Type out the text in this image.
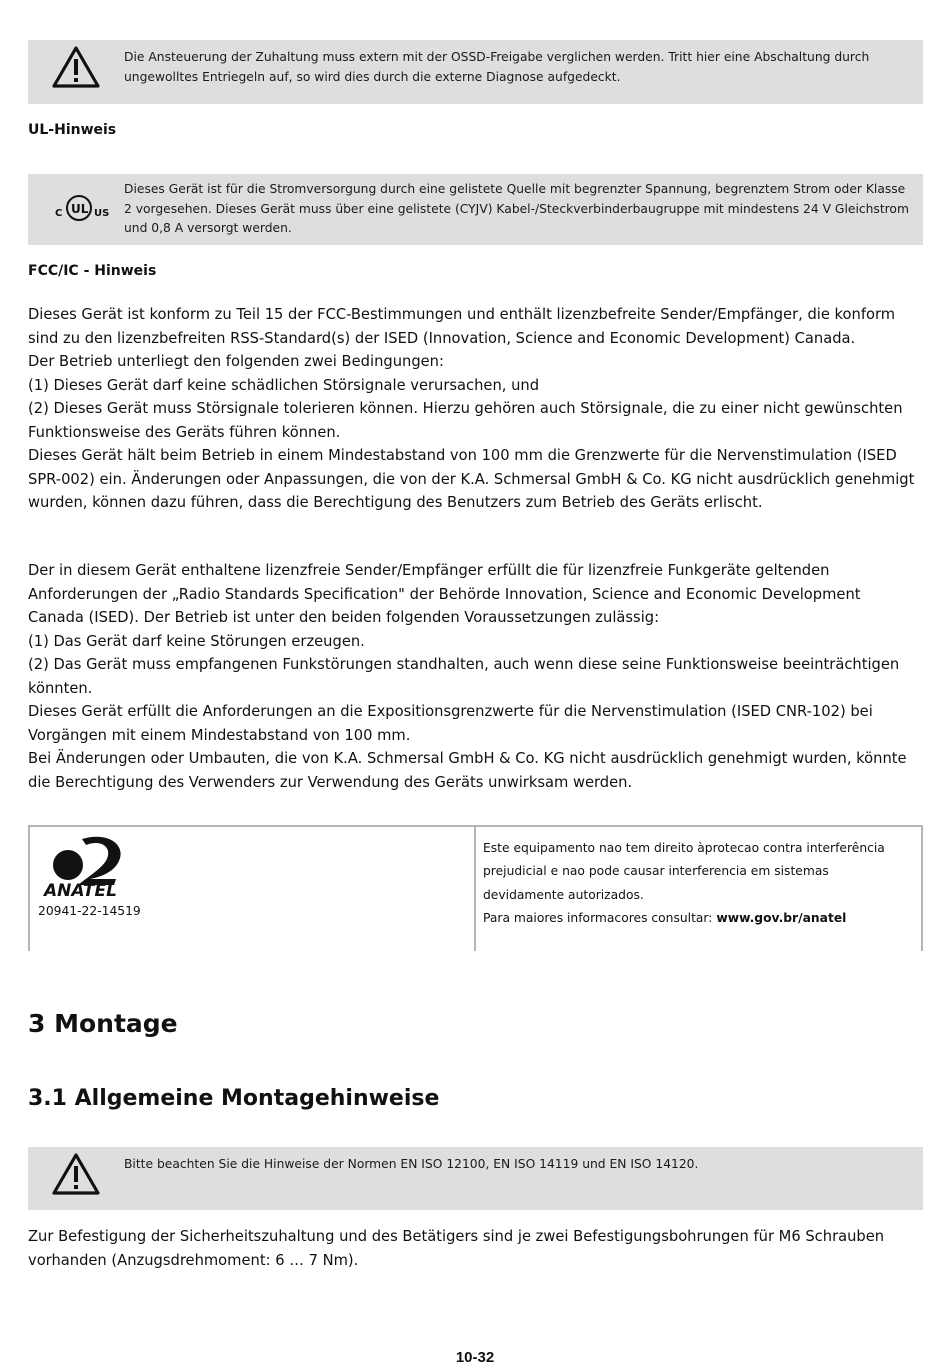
Die Ansteuerung der Zuhaltung muss extern mit der OSSD-Freigabe verglichen werden. Tritt hier eine Abschaltung durch ungewolltes Entriegeln auf, so wird dies durch die externe Diagnose aufgedeckt.
UL-Hinweis
C UL US
Dieses Gerät ist für die Stromversorgung durch eine gelistete Quelle mit begrenzter Spannung, begrenztem Strom oder Klasse 2 vorgesehen. Dieses Gerät muss über eine gelistete (CYJV) Kabel-/Steckverbinderbaugruppe mit mindestens 24 V Gleichstrom und 0,8 A versorgt werden.
FCC/IC - Hinweis
Dieses Gerät ist konform zu Teil 15 der FCC-Bestimmungen und enthält lizenzbefreite Sender/Empfänger, die konform sind zu den lizenzbefreiten RSS-Standard(s) der ISED (Innovation, Science and Economic Development) Canada.
Der Betrieb unterliegt den folgenden zwei Bedingungen:
(1) Dieses Gerät darf keine schädlichen Störsignale verursachen, und
(2) Dieses Gerät muss Störsignale tolerieren können. Hierzu gehören auch Störsignale, die zu einer nicht gewünschten Funktionsweise des Geräts führen können.
Dieses Gerät hält beim Betrieb in einem Mindestabstand von 100 mm die Grenzwerte für die Nervenstimulation (ISED SPR-002) ein. Änderungen oder Anpassungen, die von der K.A. Schmersal GmbH & Co. KG nicht ausdrücklich genehmigt wurden, können dazu führen, dass die Berechtigung des Benutzers zum Betrieb des Geräts erlischt.
Der in diesem Gerät enthaltene lizenzfreie Sender/Empfänger erfüllt die für lizenzfreie Funkgeräte geltenden Anforderungen der „Radio Standards Specification" der Behörde Innovation, Science and Economic Development Canada (ISED). Der Betrieb ist unter den beiden folgenden Voraussetzungen zulässig:
(1) Das Gerät darf keine Störungen erzeugen.
(2) Das Gerät muss empfangenen Funkstörungen standhalten, auch wenn diese seine Funktionsweise beeinträchtigen könnten.
Dieses Gerät erfüllt die Anforderungen an die Expositionsgrenzwerte für die Nervenstimulation (ISED CNR-102) bei Vorgängen mit einem Mindestabstand von 100 mm.
Bei Änderungen oder Umbauten, die von K.A. Schmersal GmbH & Co. KG nicht ausdrücklich genehmigt wurden, könnte die Berechtigung des Verwenders zur Verwendung des Geräts unwirksam werden.
ANATEL
20941-22-14519
Este equipamento nao tem direito àprotecao contra interferência prejudicial e nao pode causar interferencia em sistemas devidamente autorizados.
Para maiores informacores consultar: www.gov.br/anatel
3 Montage
3.1 Allgemeine Montagehinweise
Bitte beachten Sie die Hinweise der Normen EN ISO 12100, EN ISO 14119 und EN ISO 14120.
Zur Befestigung der Sicherheitszuhaltung und des Betätigers sind je zwei Befestigungsbohrungen für M6 Schrauben vorhanden (Anzugsdrehmoment: 6 … 7 Nm).
10-32
